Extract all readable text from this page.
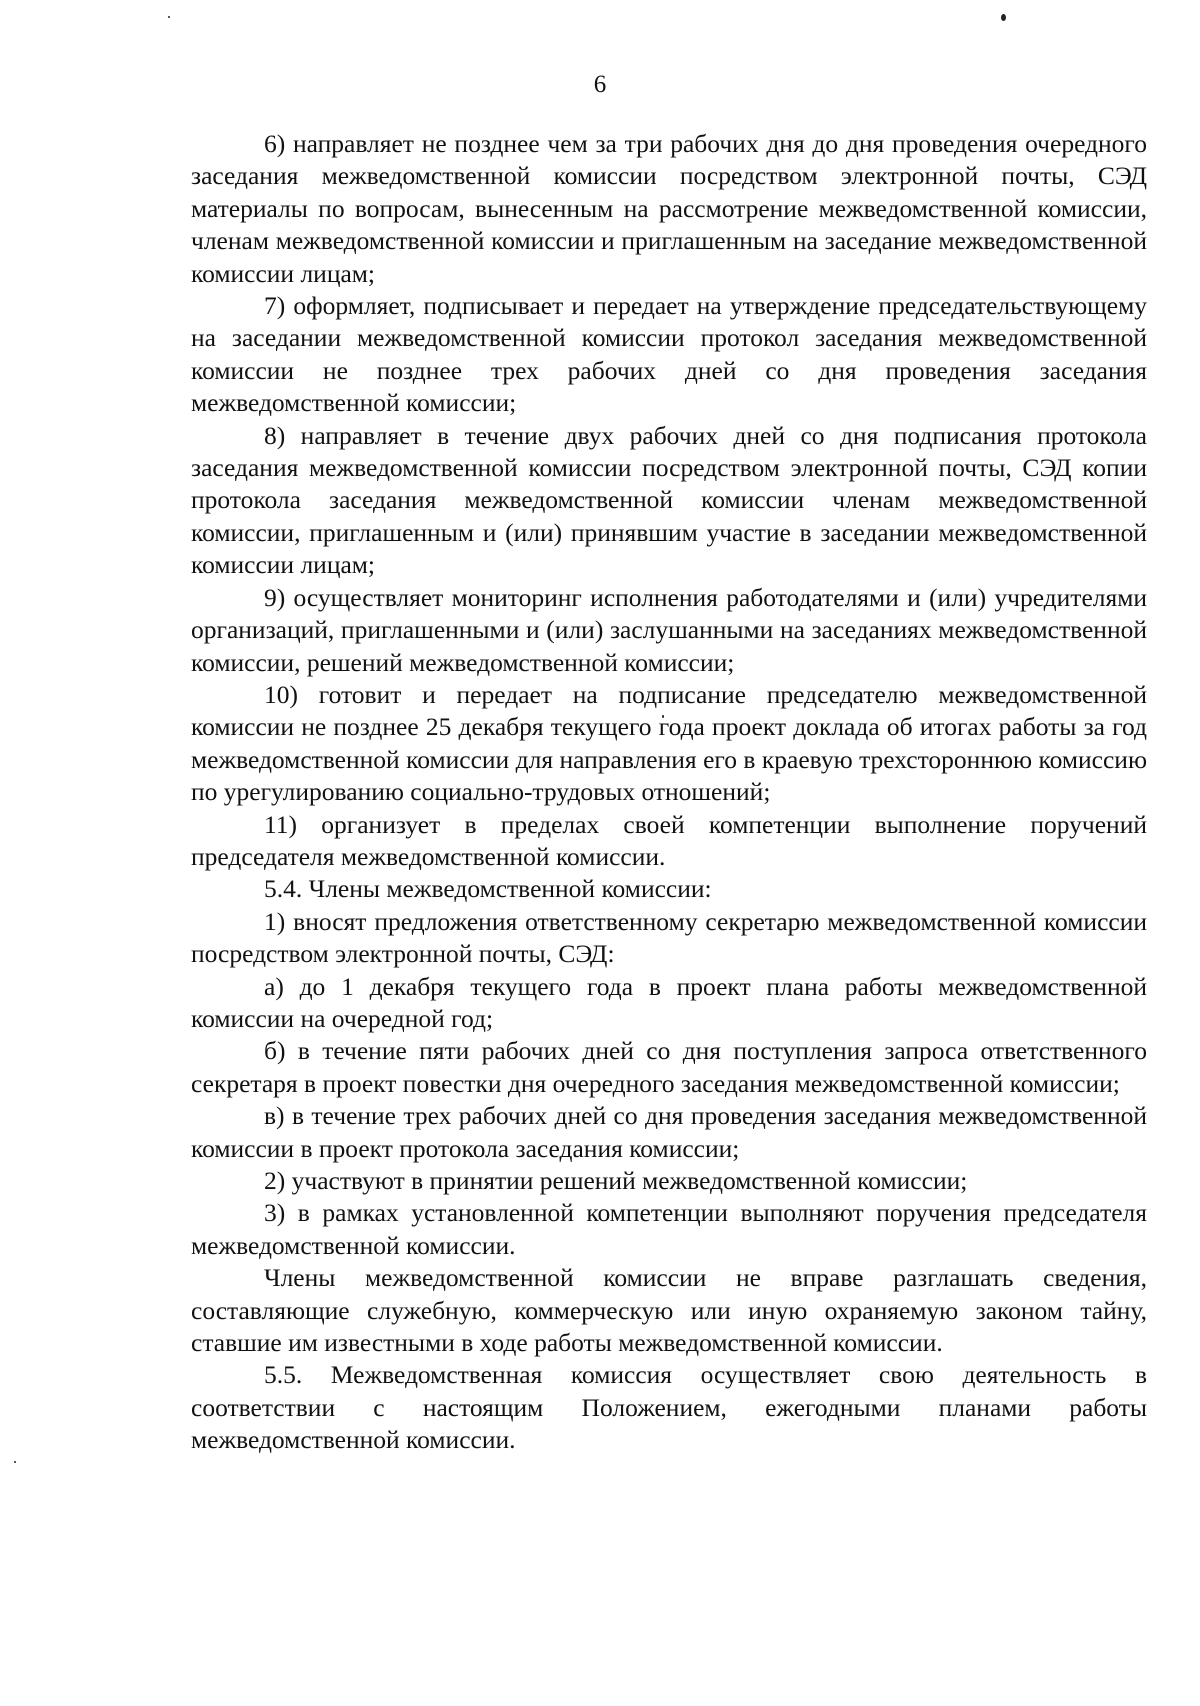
6

6) направляет не позднее чем за три рабочих дня до дня проведения очередного заседания межведомственной комиссии посредством электронной почты, СЭД материалы по вопросам, вынесенным на рассмотрение межведомственной комиссии, членам межведомственной комиссии и приглашенным на заседание межведомственной комиссии лицам;

7) оформляет, подписывает и передает на утверждение председательствующему на заседании межведомственной комиссии протокол заседания межведомственной комиссии не позднее трех рабочих дней со дня проведения заседания межведомственной комиссии;

8) направляет в течение двух рабочих дней со дня подписания протокола заседания межведомственной комиссии посредством электронной почты, СЭД копии протокола заседания межведомственной комиссии членам межведомственной комиссии, приглашенным и (или) принявшим участие в заседании межведомственной комиссии лицам;

9) осуществляет мониторинг исполнения работодателями и (или) учредителями организаций, приглашенными и (или) заслушанными на заседаниях межведомственной комиссии, решений межведомственной комиссии;

10) готовит и передает на подписание председателю межведомственной комиссии не позднее 25 декабря текущего года проект доклада об итогах работы за год межведомственной комиссии для направления его в краевую трехстороннюю комиссию по урегулированию социально-трудовых отношений;

11) организует в пределах своей компетенции выполнение поручений председателя межведомственной комиссии.

5.4. Члены межведомственной комиссии:

1) вносят предложения ответственному секретарю межведомственной комиссии посредством электронной почты, СЭД:

а) до 1 декабря текущего года в проект плана работы межведомственной комиссии на очередной год;

б) в течение пяти рабочих дней со дня поступления запроса ответственного секретаря в проект повестки дня очередного заседания межведомственной комиссии;

в) в течение трех рабочих дней со дня проведения заседания межведомственной комиссии в проект протокола заседания комиссии;

2) участвуют в принятии решений межведомственной комиссии;

3) в рамках установленной компетенции выполняют поручения председателя межведомственной комиссии.

Члены межведомственной комиссии не вправе разглашать сведения, составляющие служебную, коммерческую или иную охраняемую законом тайну, ставшие им известными в ходе работы межведомственной комиссии.

5.5. Межведомственная комиссия осуществляет свою деятельность в соответствии с настоящим Положением, ежегодными планами работы межведомственной комиссии.
